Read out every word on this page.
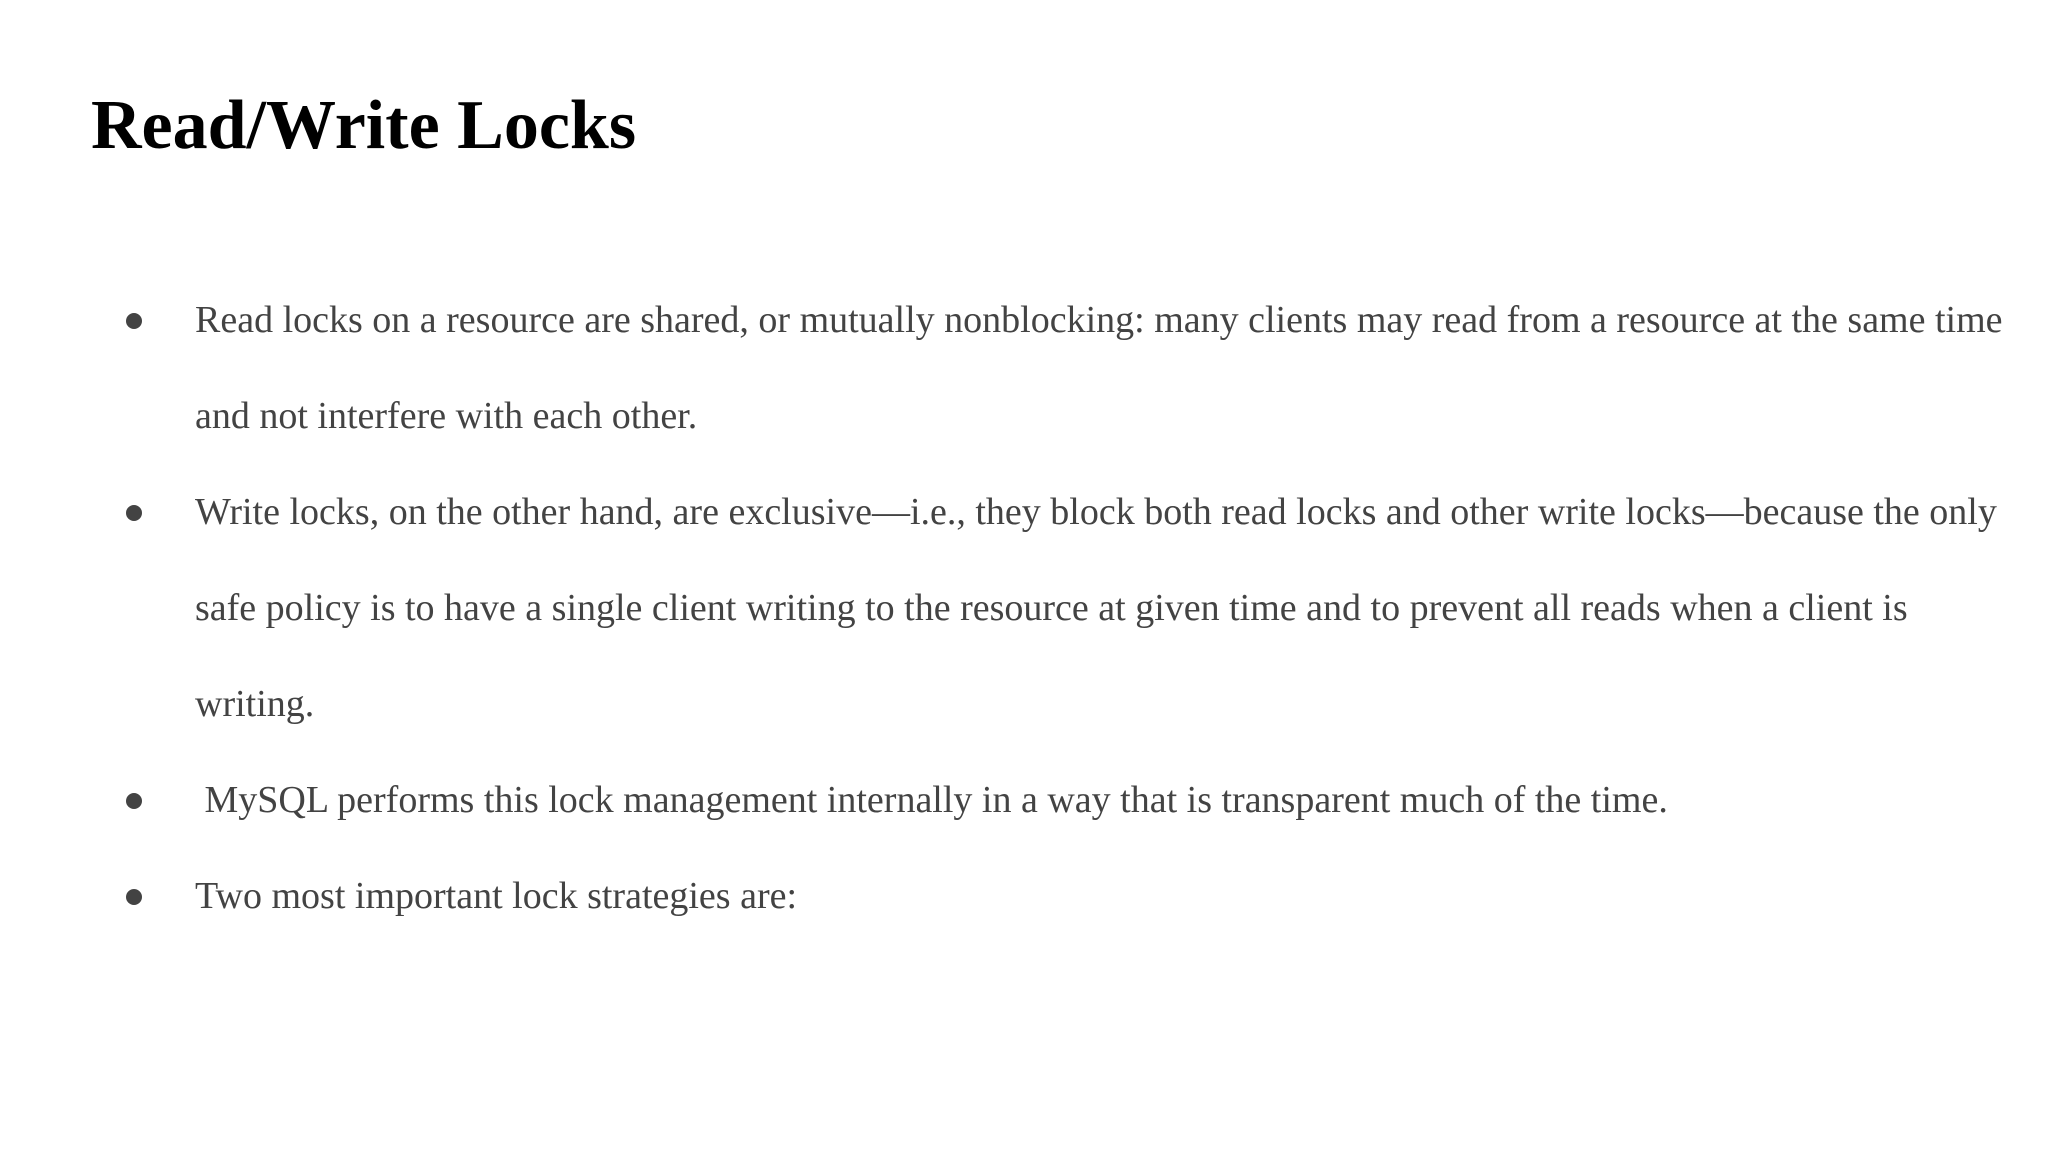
Read/Write Locks
Read locks on a resource are shared, or mutually nonblocking: many clients may read from a resource at the same time and not interfere with each other.
Write locks, on the other hand, are exclusive—i.e., they block both read locks and other write locks—because the only safe policy is to have a single client writing to the resource at given time and to prevent all reads when a client is writing.
MySQL performs this lock management internally in a way that is transparent much of the time.
Two most important lock strategies are:
